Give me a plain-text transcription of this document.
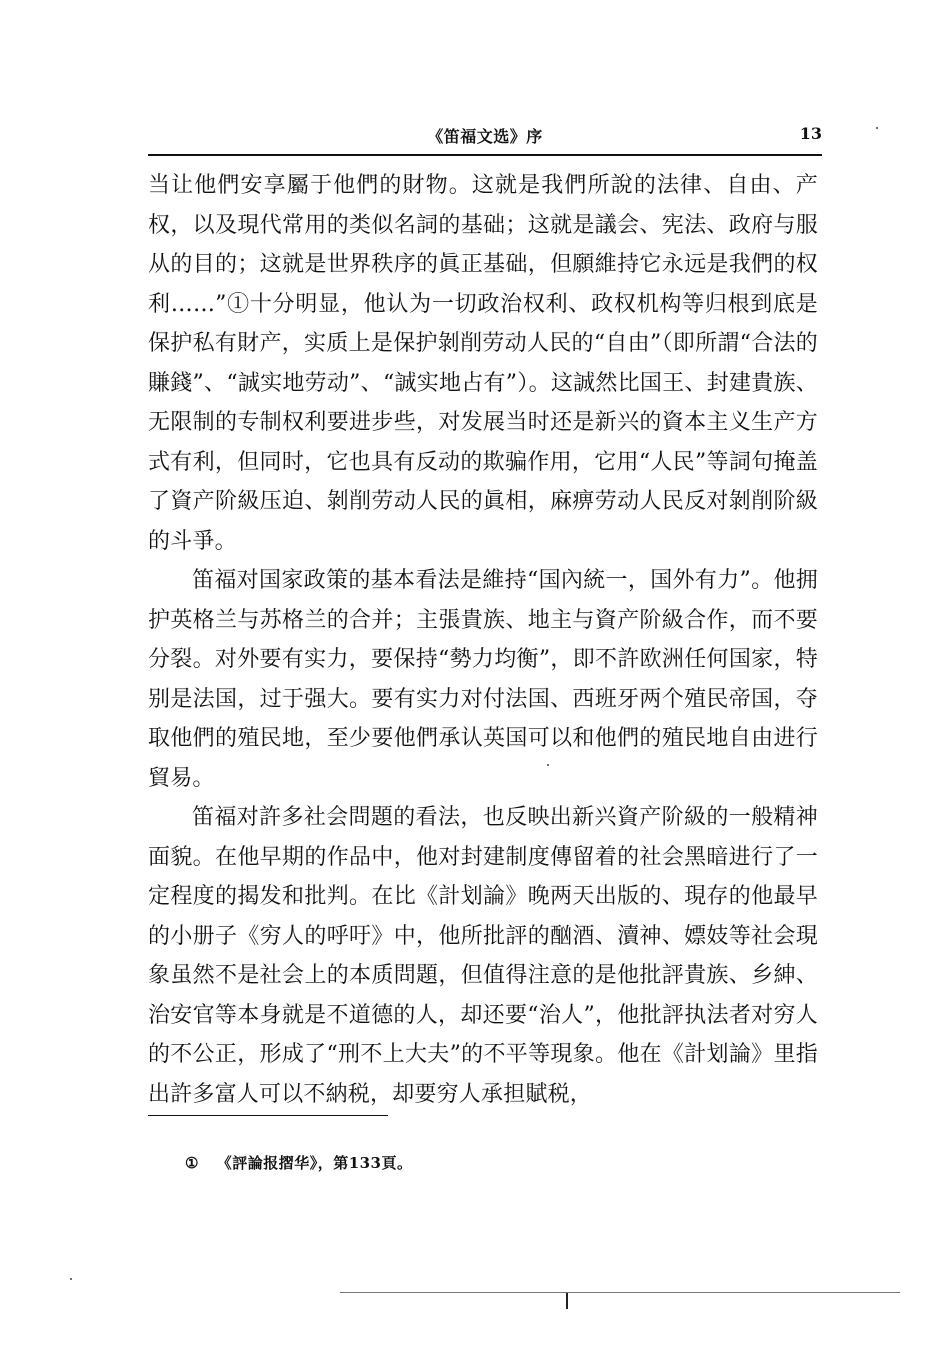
《笛福文选》序	13

当让他們安享屬于他們的財物。这就是我們所說的法律、自由、产权，以及現代常用的类似名詞的基础；这就是議会、宪法、政府与服从的目的；这就是世界秩序的眞正基础，但願維持它永远是我們的权利……”①十分明显，他认为一切政治权利、政权机构等归根到底是保护私有財产，实质上是保护剝削劳动人民的“自由”（即所謂“合法的賺錢”、“誠实地劳动”、“誠实地占有”）。这誠然比国王、封建貴族、无限制的专制权利要进步些，对发展当时还是新兴的資本主义生产方式有利，但同时，它也具有反动的欺骗作用，它用“人民”等詞句掩盖了資产阶級压迫、剝削劳动人民的眞相，麻痹劳动人民反对剝削阶級的斗爭。

笛福对国家政策的基本看法是維持“国內統一，国外有力”。他拥护英格兰与苏格兰的合并；主張貴族、地主与資产阶級合作，而不要分裂。对外要有实力，要保持“勢力均衡”，即不許欧洲任何国家，特别是法国，过于强大。要有实力对付法国、西班牙两个殖民帝国，夺取他們的殖民地，至少要他們承认英国可以和他們的殖民地自由进行貿易。

笛福对許多社会問題的看法，也反映出新兴資产阶級的一般精神面貌。在他早期的作品中，他对封建制度傳留着的社会黑暗进行了一定程度的揭发和批判。在比《計划論》晚两天出版的、現存的他最早的小册子《穷人的呼吁》中，他所批評的酗酒、瀆神、嫖妓等社会現象虽然不是社会上的本质問題，但值得注意的是他批評貴族、乡紳、治安官等本身就是不道德的人，却还要“治人”，他批評执法者对穷人的不公正，形成了“刑不上大夫”的不平等現象。他在《計划論》里指出許多富人可以不納税，却要穷人承担賦税，

① 《評論报摺华》，第133頁。
